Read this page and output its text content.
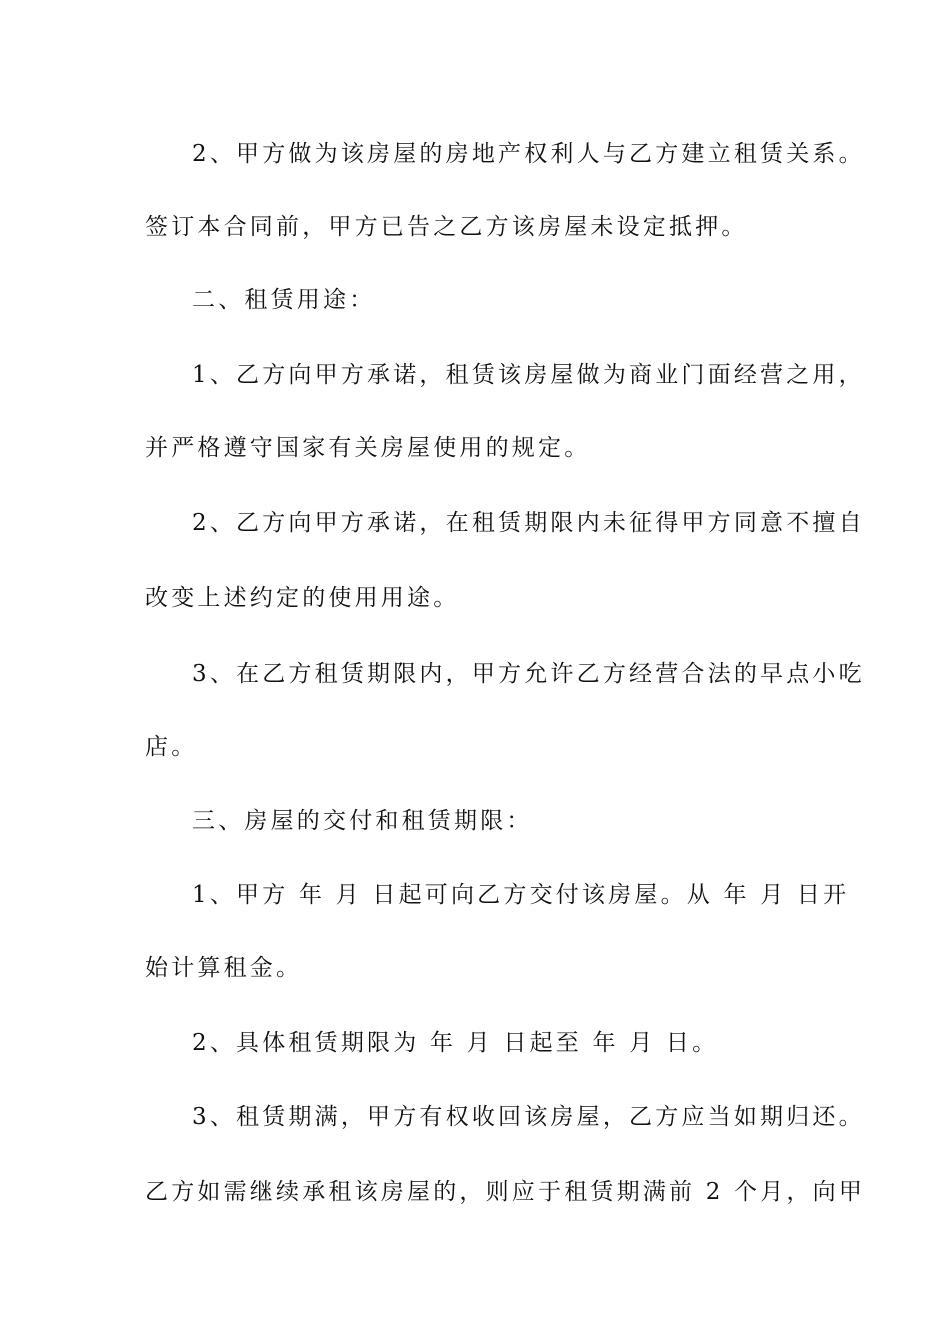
2、甲方做为该房屋的房地产权利人与乙方建立租赁关系。
签订本合同前，甲方已告之乙方该房屋未设定抵押。
二、租赁用途：
1、乙方向甲方承诺，租赁该房屋做为商业门面经营之用，
并严格遵守国家有关房屋使用的规定。
2、乙方向甲方承诺，在租赁期限内未征得甲方同意不擅自
改变上述约定的使用用途。
3、在乙方租赁期限内，甲方允许乙方经营合法的早点小吃
店。
三、房屋的交付和租赁期限：
1、甲方 年 月 日起可向乙方交付该房屋。从 年 月 日开
始计算租金。
2、具体租赁期限为 年 月 日起至 年 月 日。
3、租赁期满，甲方有权收回该房屋，乙方应当如期归还。
乙方如需继续承租该房屋的，则应于租赁期满前 2 个月，向甲
